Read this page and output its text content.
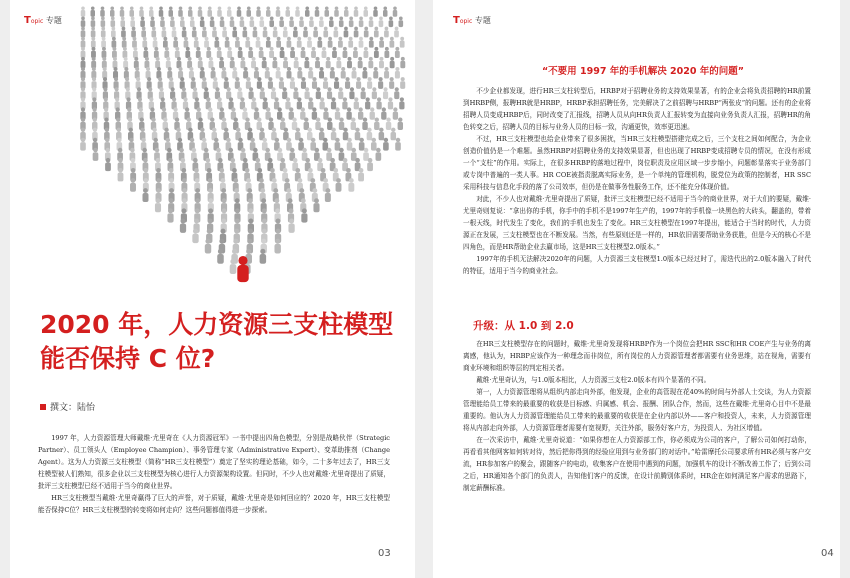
Topic 专题
2020 年，人力资源三支柱模型
能否保持 C 位?
撰文：陆怡

1997 年，人力资源管理大师戴维·尤里奇在《人力资源冠军》一书中提出四角色模型，分别是战略伙伴（Strategic Partner）、员工领头人（Employee Champion）、事务管理专家（Administrative Expert）、变革助推剂（Change Agent）。这为人力资源三支柱模型（简称“HR三支柱模型”）奠定了坚实的理论基础，如今，二十多年过去了，HR三支柱模型被人们熟知，很多企业以三支柱模型为核心进行人力资源架构设置。但同时，不少人也对戴维·尤里奇提出了质疑，批评三支柱模型已经不适用于当今的商业世界。

HR三支柱模型当戴维·尤里奇赢得了巨大的声誉，对于质疑，戴维·尤里奇是如何回应的？2020 年，HR三支柱模型能否保持C位？HR三支柱模型的转变将如何走向？这些问题都值得进一步探索。

03
Topic 专题
“不要用 1997 年的手机解决 2020 年的问题”

不少企业都发现，进行HR三支柱转型后，HRBP对于招聘业务的支持效果显著，有的企业会将负责招聘的HR前置到HRBP侧，报聘HR就是HRBP，HRBP承担招聘任务，完美解决了之前招聘与HRBP“两张皮”的问题。还有的企业将招聘人员变成HRBP后，同时改变了汇报线，招聘人员从向HR负责人汇报转变为直接向业务负责人汇报，招聘HR的角色转变之后，招聘人员的目标与业务人员的目标一致，沟通更快，效率更迅速。

不过，HR三支柱模型也给企业带来了很多困扰，当HR三支柱模型搭建完成之后，三个支柱之间如何配合，为企业创造价值仍是一个难题。虽然HRBP对招聘业务的支持效果显著，但也出现了HRBP变成招聘专员的情况，在没有形成一个“支柱”的作用。实际上，在很多HRBP的落地过程中，岗位职责及应用区域一步步缩小，问题彰显落实于业务部门或专岗中普遍的一类人事。HR COE被指责脱离实际业务，是一个单纯的管理机构，脱党位为政策的控制者，HR SSC采用科技与信息化手段的落了公司效率，但仍是在做事务性服务工作，还不能充分体现价值。

对此，不少人也对戴维·尤里奇提出了质疑，批评三支柱模型已经不适用于当今的商业世界，对于大们的要疑，戴维·尤里奇则复说：“拿出你的手机，你手中的手机不是1997年生产的，1997年的手机像一块黑色的大砖头，翻盖的，带着一根天线，时代发生了变化，我们的手机也发生了变化。HR三支柱模型在1997年提出，能适合于当时的时代，人力资源正在发展，三支柱模型也在不断发展。当然，有些原则还是一样的，HR依旧需要帮助业务获胜，但是今天的核心不是四角色，而是HR帮助企业去赢市场，这是HR三支柱模型2.0版本。”

1997年的手机无法解决2020年的问题，人力资源三支柱模型1.0版本已经过时了，需迭代出的2.0版本融入了时代的特征，适用于当今的商业社会。

升级：从 1.0 到 2.0

在HR三支柱模型存在的问题时，戴维·尤里奇发现将HRBP作为一个岗位会把HR SSC和HR COE产生与业务的离离感，他认为，HRBP应该作为一种理念而非岗位，所有岗位的人力资源管理者都需要有业务思维，站在视角，需要有商业环境和组织等层的判定相关者。

戴维·尤里奇认为，与1.0版本相比，人力资源三支柱2.0版本有四个显著的不同。

第一，人力资源管理将从组织内部走向外部，他发现，企业的高管现在花40%的时间与外部人士交谈，为人力资源管理能给员工带来的最重要的收获是目标感、归属感、机会、报酬、团队合作，然而，这些在戴维·尤里奇心目中不是最重要的。他认为人力资源管理能给员工带来的最重要的收获是在企业内部以外——客户和投资人，未来，人力资源管理将从内部走向外部，人力资源管理者需要有宽视野，关注外部，服务好客户方，为投资人、为社区增值。

在一次采访中，戴维·尤里奇说道：“如果你想在人力资源部工作，你必须成为公司的客户，了解公司如何打动你，再看看其他网客如何转对待，然后把你得到的经验应用到与业务部门的对话中。”哈雷摩托公司要求所有HR必须与客户交流，HR参加客户的聚会，跟随客户的电动，收集客户在使用中遇到的问题，加强机车的设计不断改善工作了；后到公司之后，HR通知各个部门的负责人，告知他们客户的反馈，在设计前腾别体系时，HR企在如何满足客户需求的思路下，制定薪酬标准。

04
